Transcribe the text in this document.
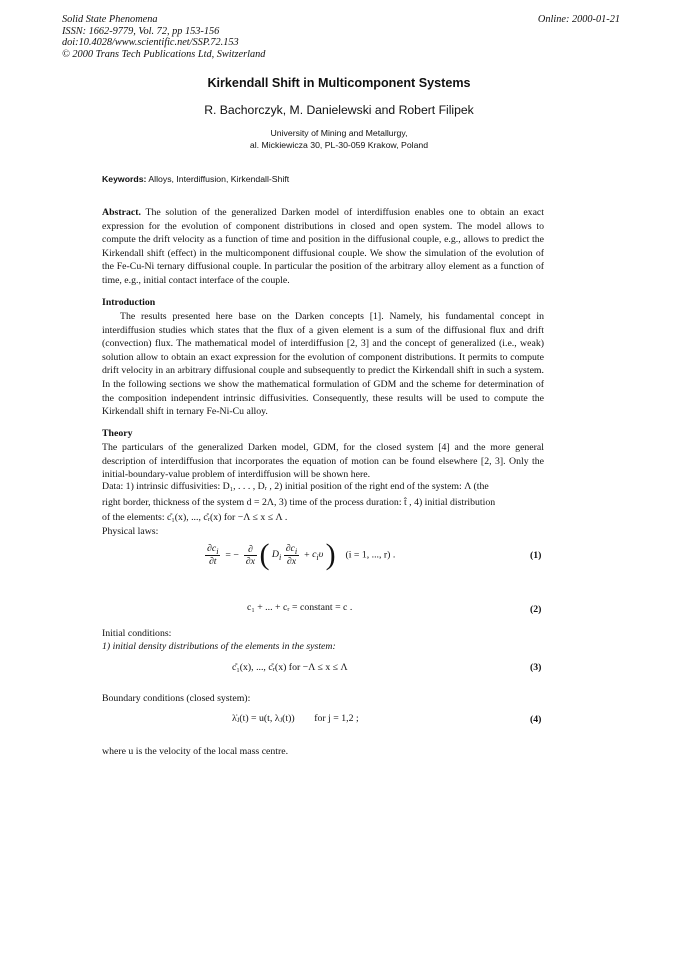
Solid State Phenomena
ISSN: 1662-9779, Vol. 72, pp 153-156
doi:10.4028/www.scientific.net/SSP.72.153
© 2000 Trans Tech Publications Ltd, Switzerland
Online: 2000-01-21
Kirkendall Shift in Multicomponent Systems
R. Bachorczyk, M. Danielewski and Robert Filipek
University of Mining and Metallurgy,
al. Mickiewicza 30, PL-30-059 Krakow, Poland
Keywords: Alloys, Interdiffusion, Kirkendall-Shift
Abstract. The solution of the generalized Darken model of interdiffusion enables one to obtain an exact expression for the evolution of component distributions in closed and open system. The model allows to compute the drift velocity as a function of time and position in the diffusional couple, e.g., allows to predict the Kirkendall shift (effect) in the multicomponent diffusional couple. We show the simulation of the evolution of the Fe-Cu-Ni ternary diffusional couple. In particular the position of the arbitrary alloy element as a function of time, e.g., initial contact interface of the couple.
Introduction
The results presented here base on the Darken concepts [1]. Namely, his fundamental concept in interdiffusion studies which states that the flux of a given element is a sum of the diffusional flux and drift (convection) flux. The mathematical model of interdiffusion [2, 3] and the concept of generalized (i.e., weak) solution allow to obtain an exact expression for the evolution of component distributions. It permits to compute drift velocity in an arbitrary diffusional couple and subsequently to predict the Kirkendall shift in such a system. In the following sections we show the mathematical formulation of GDM and the scheme for determination of the composition independent intrinsic diffusivities. Consequently, these results will be used to compute the Kirkendall shift in ternary Fe-Ni-Cu alloy.
Theory
The particulars of the generalized Darken model, GDM, for the closed system [4] and the more general description of interdiffusion that incorporates the equation of motion can be found elsewhere [2, 3]. Only the initial-boundary-value problem of interdiffusion will be shown here.
Data: 1) intrinsic diffusivities: D₁, . . . , Dᵣ , 2) initial position of the right end of the system: Λ (the
right border, thickness of the system d = 2Λ, 3) time of the process duration: t̂ , 4) initial distribution
of the elements: c̊₁(x), ..., c̊ᵣ(x) for −Λ ≤ x ≤ Λ .
Physical laws:
$\frac{\partial c_i}{\partial t}$ = − $\frac{\partial}{\partial x}$ ( $D_i \frac{\partial c_i}{\partial x} + c_i\upsilon$ ) (i = 1, ..., r) .	(1)
c₁ + ... + cᵣ = constant = c .	(2)
Initial conditions:
1) initial density distributions of the elements in the system:
c̊₁(x), ..., c̊ᵣ(x) for −Λ ≤ x ≤ Λ	(3)
Boundary conditions (closed system):
λ̇ⱼ(t) = u(t, λⱼ(t)) for j = 1,2 ;	(4)
where u is the velocity of the local mass centre.
